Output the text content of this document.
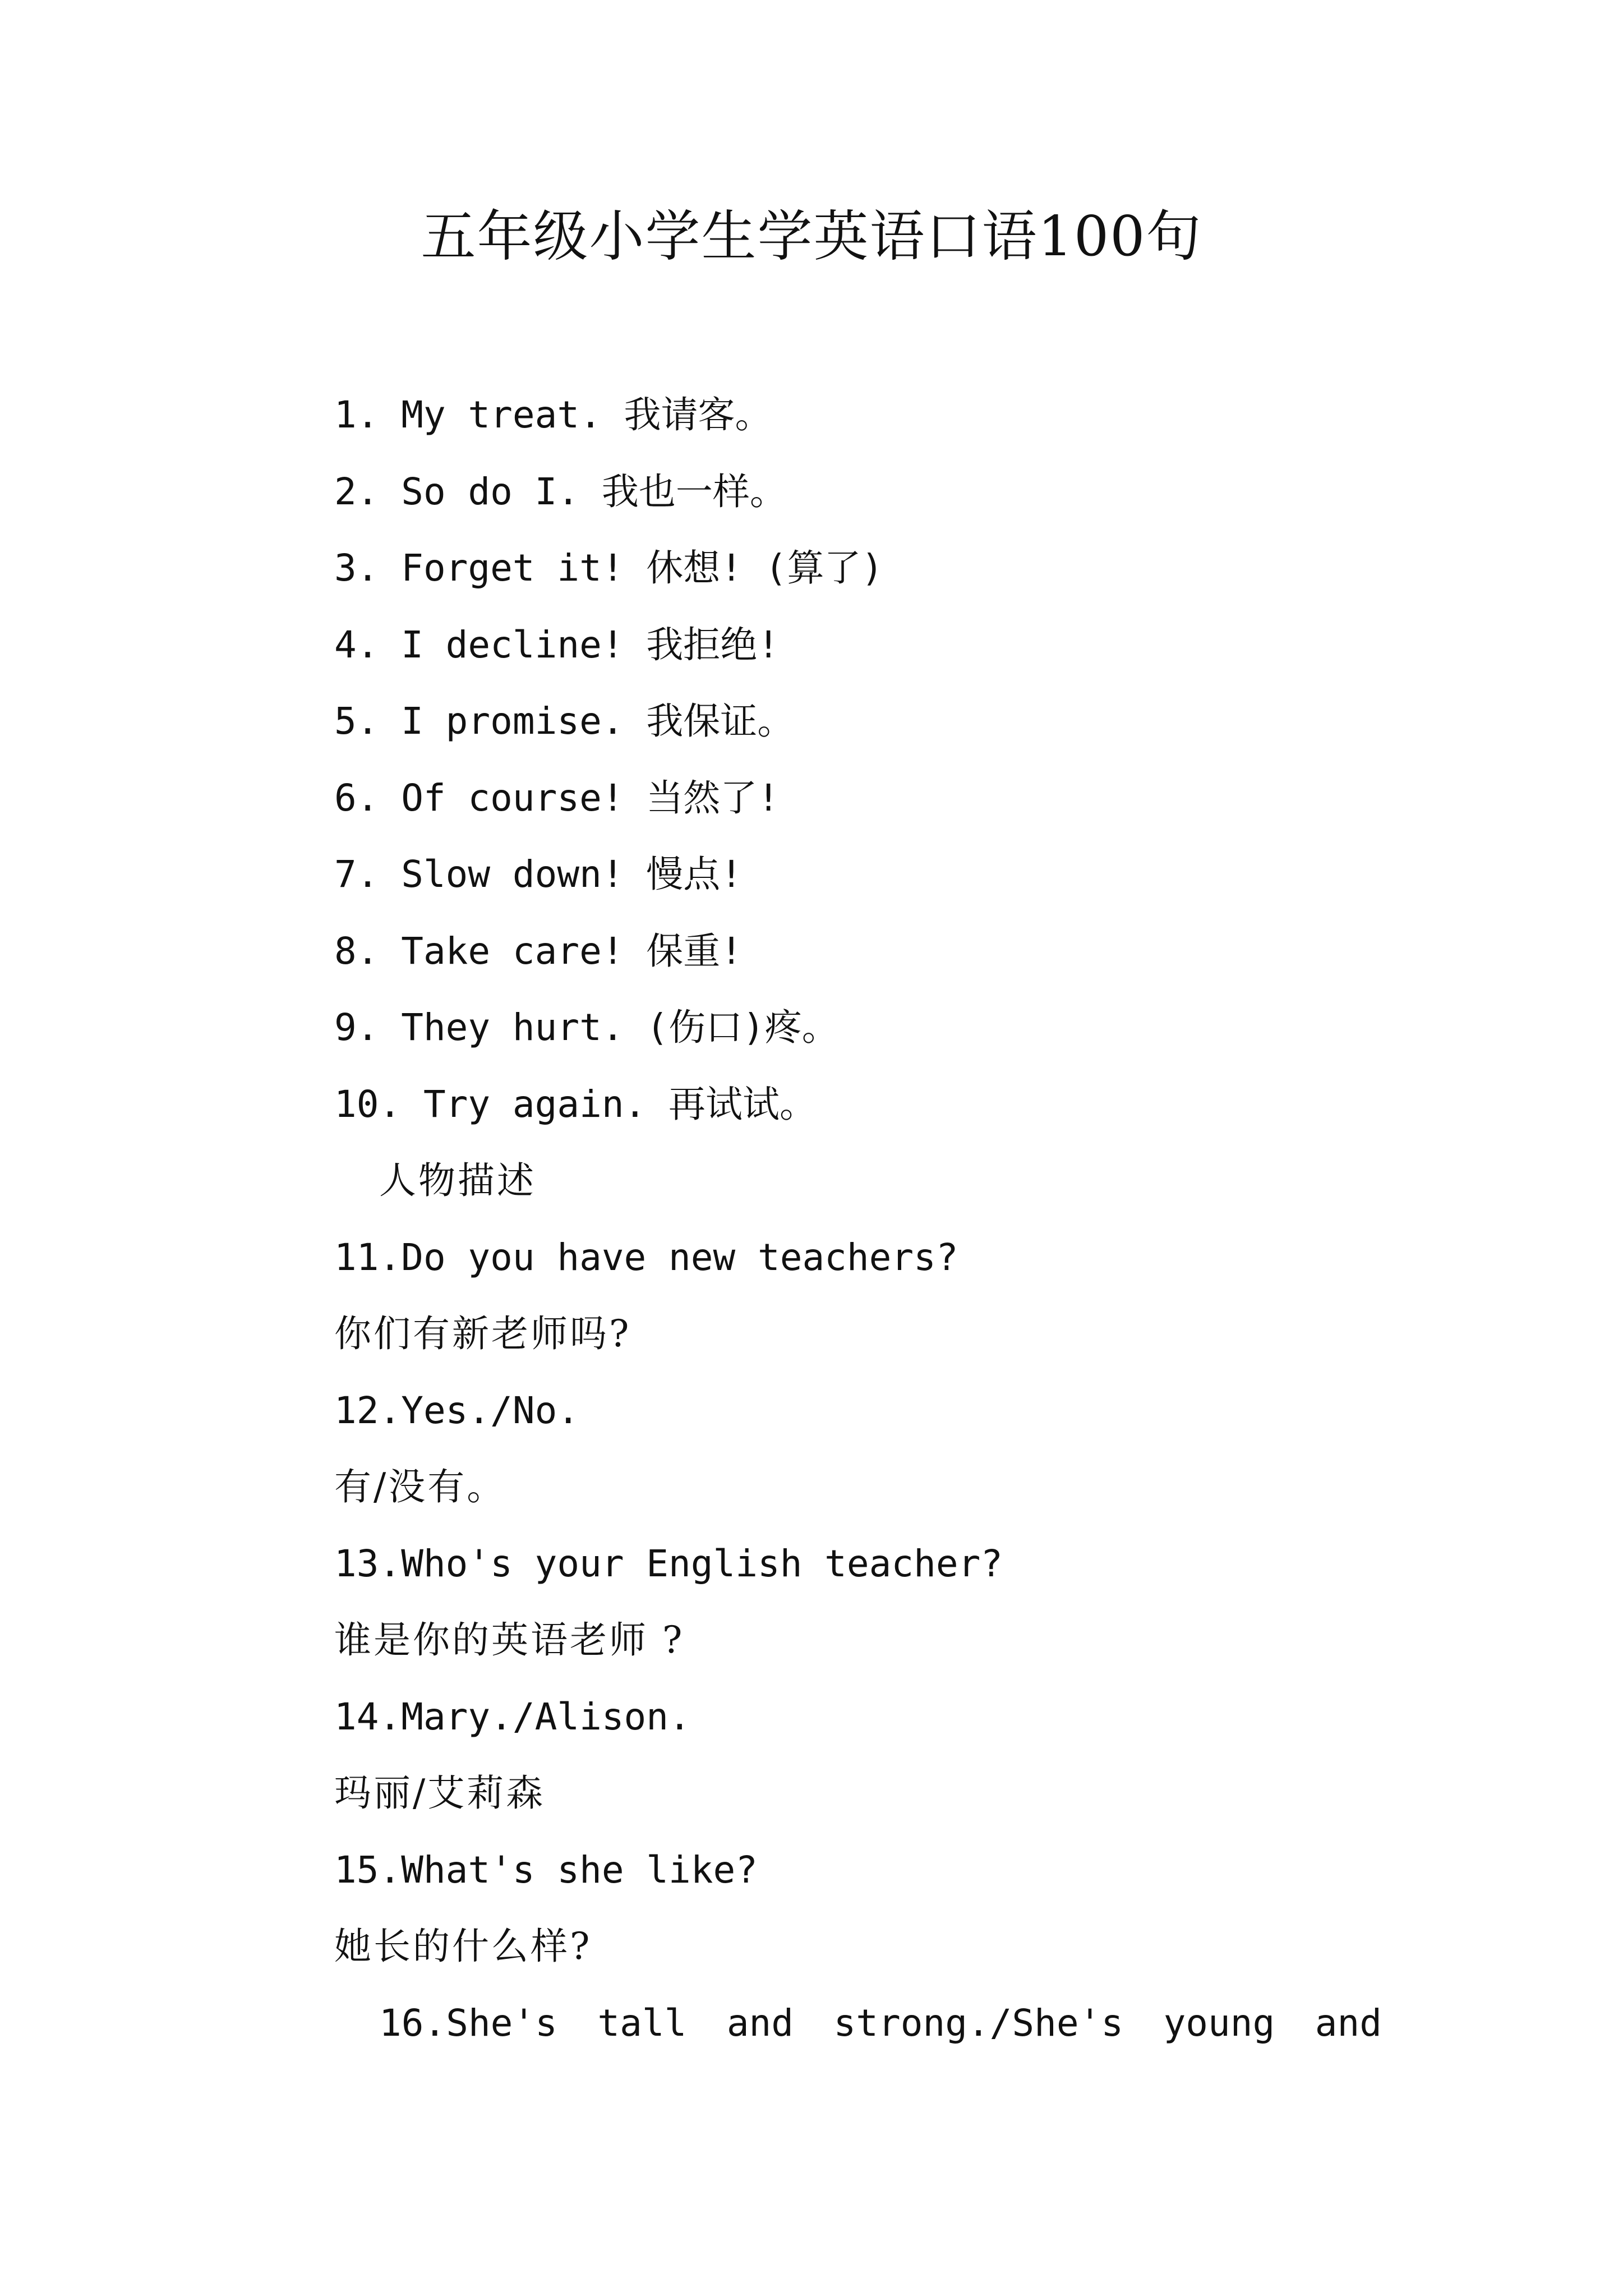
五年级小学生学英语口语100句
1. My treat. 我请客。
2. So do I. 我也一样。
3. Forget it! 休想! (算了)
4. I decline! 我拒绝!
5. I promise. 我保证。
6. Of course! 当然了!
7. Slow down! 慢点!
8. Take care! 保重!
9. They hurt. (伤口)疼。
10. Try again. 再试试。
人物描述
11.Do you have new teachers?
你们有新老师吗?
12.Yes./No.
有/没有。
13.Who's your English teacher?
谁是你的英语老师 ?
14.Mary./Alison.
玛丽/艾莉森
15.What's she like?
她长的什么样?
16.She's tall and strong./She's young and
